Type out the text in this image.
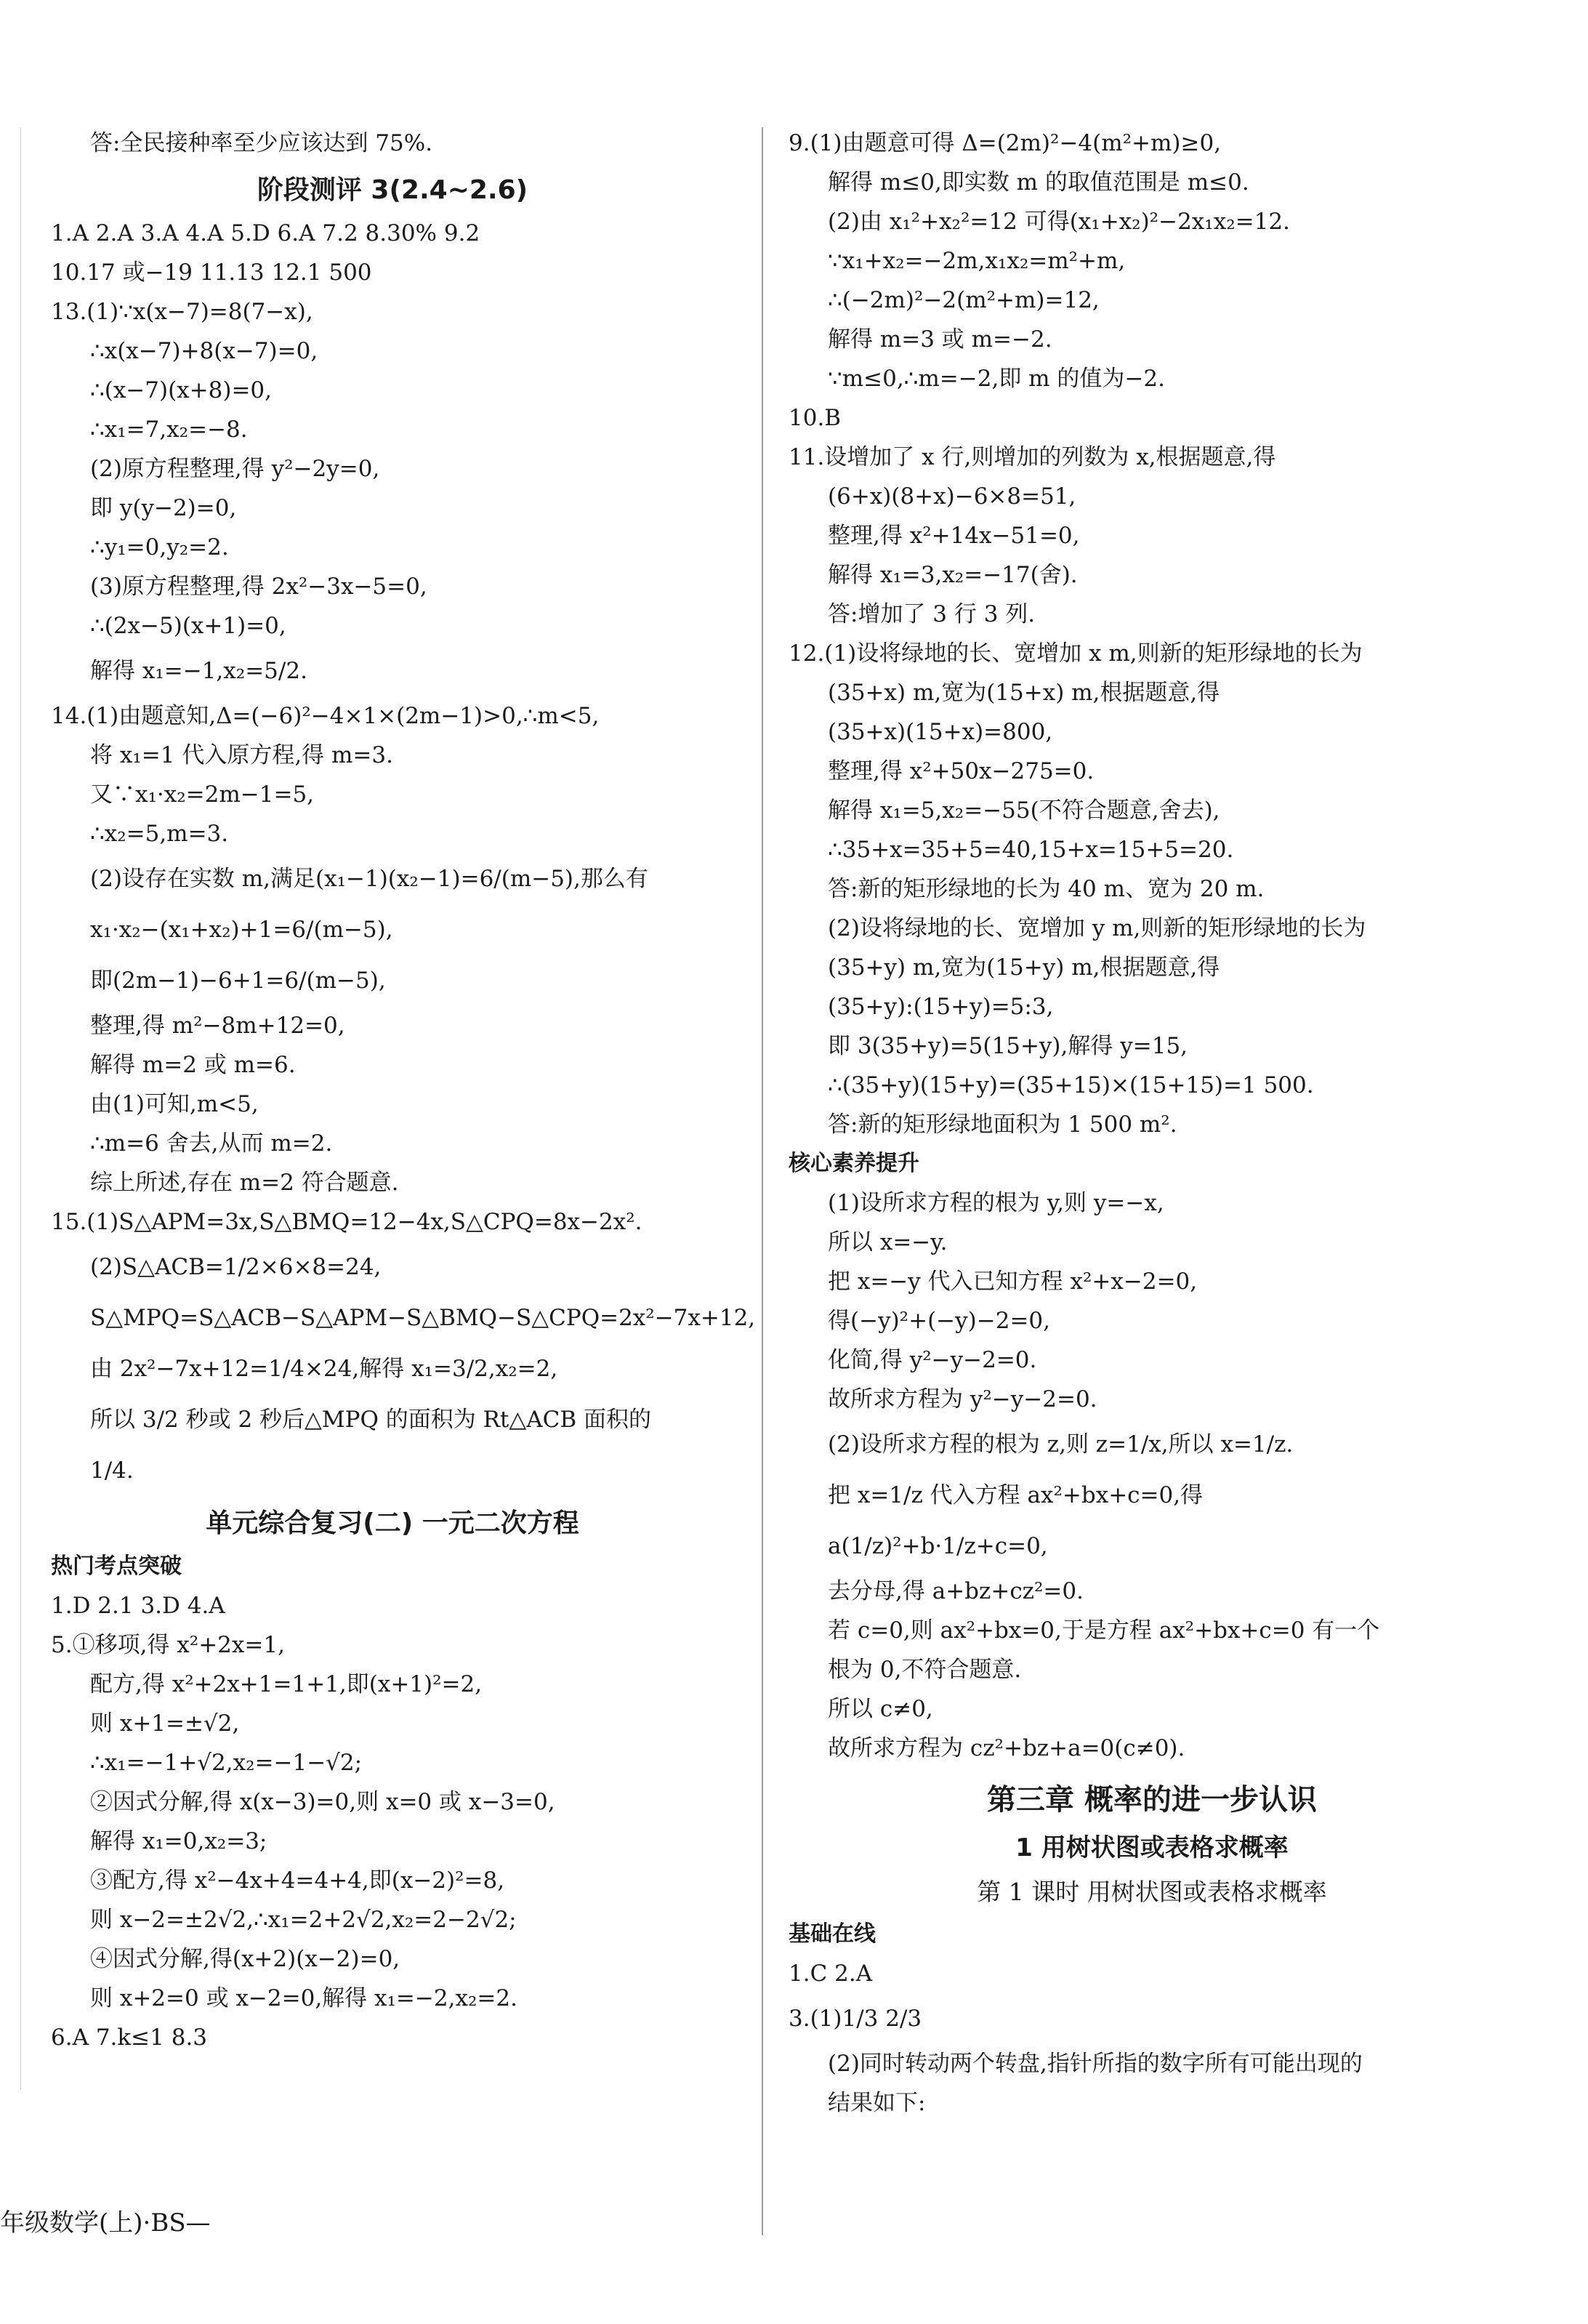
答:全民接种率至少应该达到 75%.
阶段测评 3(2.4~2.6)
1.A 2.A 3.A 4.A 5.D 6.A 7.2 8.30% 9.2
10.17 或−19 11.13 12.1 500
13.(1)∵x(x−7)=8(7−x),
∴x(x−7)+8(x−7)=0,
∴(x−7)(x+8)=0,
∴x₁=7,x₂=−8.
(2)原方程整理,得 y²−2y=0,
即 y(y−2)=0,
∴y₁=0,y₂=2.
(3)原方程整理,得 2x²−3x−5=0,
∴(2x−5)(x+1)=0,
解得 x₁=−1,x₂=5/2.
14.(1)由题意知,Δ=(−6)²−4×1×(2m−1)>0,∴m<5,
将 x₁=1 代入原方程,得 m=3.
又∵x₁·x₂=2m−1=5,
∴x₂=5,m=3.
(2)设存在实数 m,满足(x₁−1)(x₂−1)=6/(m−5),那么有
x₁·x₂−(x₁+x₂)+1=6/(m−5),
即(2m−1)−6+1=6/(m−5),
整理,得 m²−8m+12=0,
解得 m=2 或 m=6.
由(1)可知,m<5,
∴m=6 舍去,从而 m=2.
综上所述,存在 m=2 符合题意.
15.(1)S△APM=3x,S△BMQ=12−4x,S△CPQ=8x−2x².
(2)S△ACB=1/2×6×8=24,
S△MPQ=S△ACB−S△APM−S△BMQ−S△CPQ=2x²−7x+12,
由 2x²−7x+12=1/4×24,解得 x₁=3/2,x₂=2,
所以 3/2 秒或 2 秒后△MPQ 的面积为 Rt△ACB 面积的
1/4.
单元综合复习(二) 一元二次方程
热门考点突破
1.D 2.1 3.D 4.A
5.①移项,得 x²+2x=1,
配方,得 x²+2x+1=1+1,即(x+1)²=2,
则 x+1=±√2,
∴x₁=−1+√2,x₂=−1−√2;
②因式分解,得 x(x−3)=0,则 x=0 或 x−3=0,
解得 x₁=0,x₂=3;
③配方,得 x²−4x+4=4+4,即(x−2)²=8,
则 x−2=±2√2,∴x₁=2+2√2,x₂=2−2√2;
④因式分解,得(x+2)(x−2)=0,
则 x+2=0 或 x−2=0,解得 x₁=−2,x₂=2.
6.A 7.k≤1 8.3
9.(1)由题意可得 Δ=(2m)²−4(m²+m)≥0,
解得 m≤0,即实数 m 的取值范围是 m≤0.
(2)由 x₁²+x₂²=12 可得(x₁+x₂)²−2x₁x₂=12.
∵x₁+x₂=−2m,x₁x₂=m²+m,
∴(−2m)²−2(m²+m)=12,
解得 m=3 或 m=−2.
∵m≤0,∴m=−2,即 m 的值为−2.
10.B
11.设增加了 x 行,则增加的列数为 x,根据题意,得
(6+x)(8+x)−6×8=51,
整理,得 x²+14x−51=0,
解得 x₁=3,x₂=−17(舍).
答:增加了 3 行 3 列.
12.(1)设将绿地的长、宽增加 x m,则新的矩形绿地的长为
(35+x) m,宽为(15+x) m,根据题意,得
(35+x)(15+x)=800,
整理,得 x²+50x−275=0.
解得 x₁=5,x₂=−55(不符合题意,舍去),
∴35+x=35+5=40,15+x=15+5=20.
答:新的矩形绿地的长为 40 m、宽为 20 m.
(2)设将绿地的长、宽增加 y m,则新的矩形绿地的长为
(35+y) m,宽为(15+y) m,根据题意,得
(35+y):(15+y)=5:3,
即 3(35+y)=5(15+y),解得 y=15,
∴(35+y)(15+y)=(35+15)×(15+15)=1 500.
答:新的矩形绿地面积为 1 500 m².
核心素养提升
(1)设所求方程的根为 y,则 y=−x,
所以 x=−y.
把 x=−y 代入已知方程 x²+x−2=0,
得(−y)²+(−y)−2=0,
化简,得 y²−y−2=0.
故所求方程为 y²−y−2=0.
(2)设所求方程的根为 z,则 z=1/x,所以 x=1/z.
把 x=1/z 代入方程 ax²+bx+c=0,得
a(1/z)²+b·1/z+c=0,
去分母,得 a+bz+cz²=0.
若 c=0,则 ax²+bx=0,于是方程 ax²+bx+c=0 有一个
根为 0,不符合题意.
所以 c≠0,
故所求方程为 cz²+bz+a=0(c≠0).
第三章 概率的进一步认识
1 用树状图或表格求概率
第 1 课时 用树状图或表格求概率
基础在线
1.C 2.A
3.(1)1/3 2/3
(2)同时转动两个转盘,指针所指的数字所有可能出现的
结果如下:
年级数学(上)·BS—
